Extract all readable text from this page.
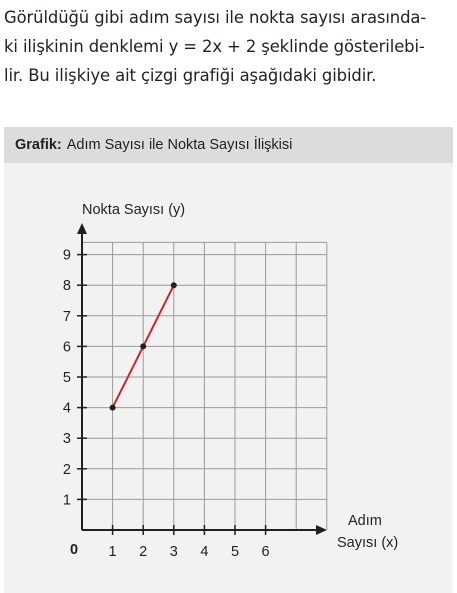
Görüldüğü gibi adım sayısı ile nokta sayısı arasında-
ki ilişkinin denklemi y = 2x + 2 şeklinde gösterilebi-
lir. Bu ilişkiye ait çizgi grafiği aşağıdaki gibidir.

Grafik: Adım Sayısı ile Nokta Sayısı İlişkisi
1
2
3
4
5
6
7
8
9
1 2 3 4 5 6
Nokta Sayısı (y)
Adım
Sayısı (x)
0
